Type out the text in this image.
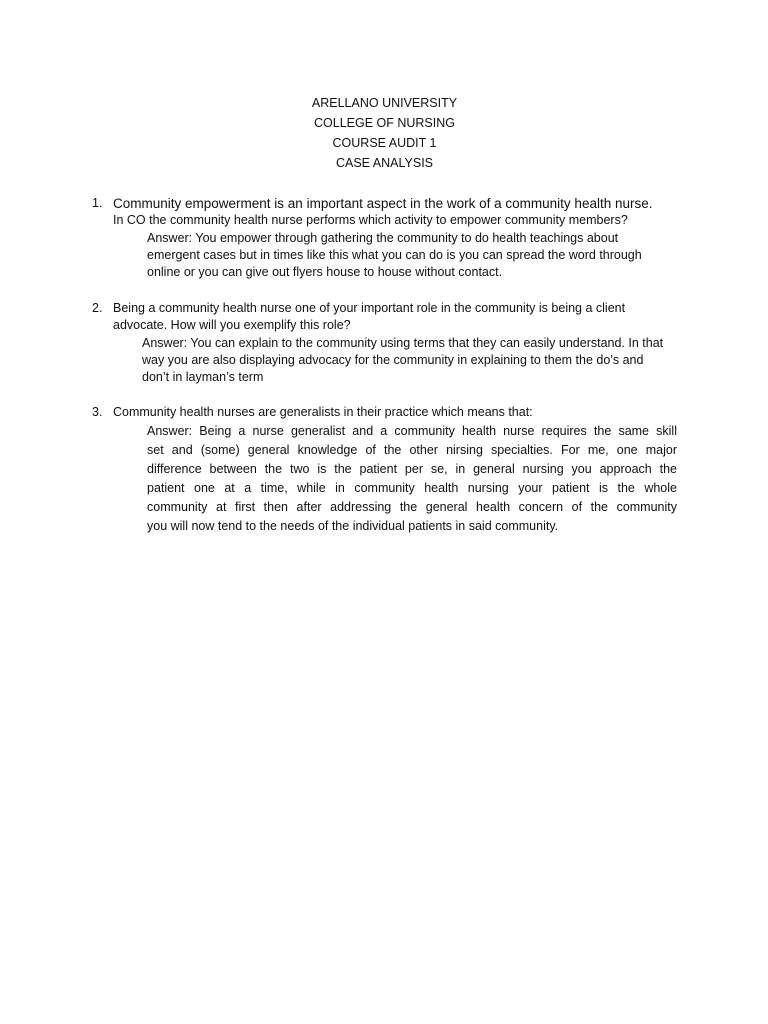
ARELLANO UNIVERSITY
COLLEGE OF NURSING
COURSE AUDIT 1
CASE ANALYSIS
1. Community empowerment is an important aspect in the work of a community health nurse.
In CO the community health nurse performs which activity to empower community members?
Answer: You empower through gathering the community to do health teachings about
emergent cases but in times like this what you can do is you can spread the word through
online or you can give out flyers house to house without contact.
2. Being a community health nurse one of your important role in the community is being a client
advocate. How will you exemplify this role?
Answer: You can explain to the community using terms that they can easily understand. In that
way you are also displaying advocacy for the community in explaining to them the do’s and
don’t in layman’s term
3. Community health nurses are generalists in their practice which means that:
Answer: Being a nurse generalist and a community health nurse requires the same skill
set and (some) general knowledge of the other nirsing specialties. For me, one major
difference between the two is the patient per se, in general nursing you approach the
patient one at a time, while in community health nursing your patient is the whole
community at first then after addressing the general health concern of the community
you will now tend to the needs of the individual patients in said community.
